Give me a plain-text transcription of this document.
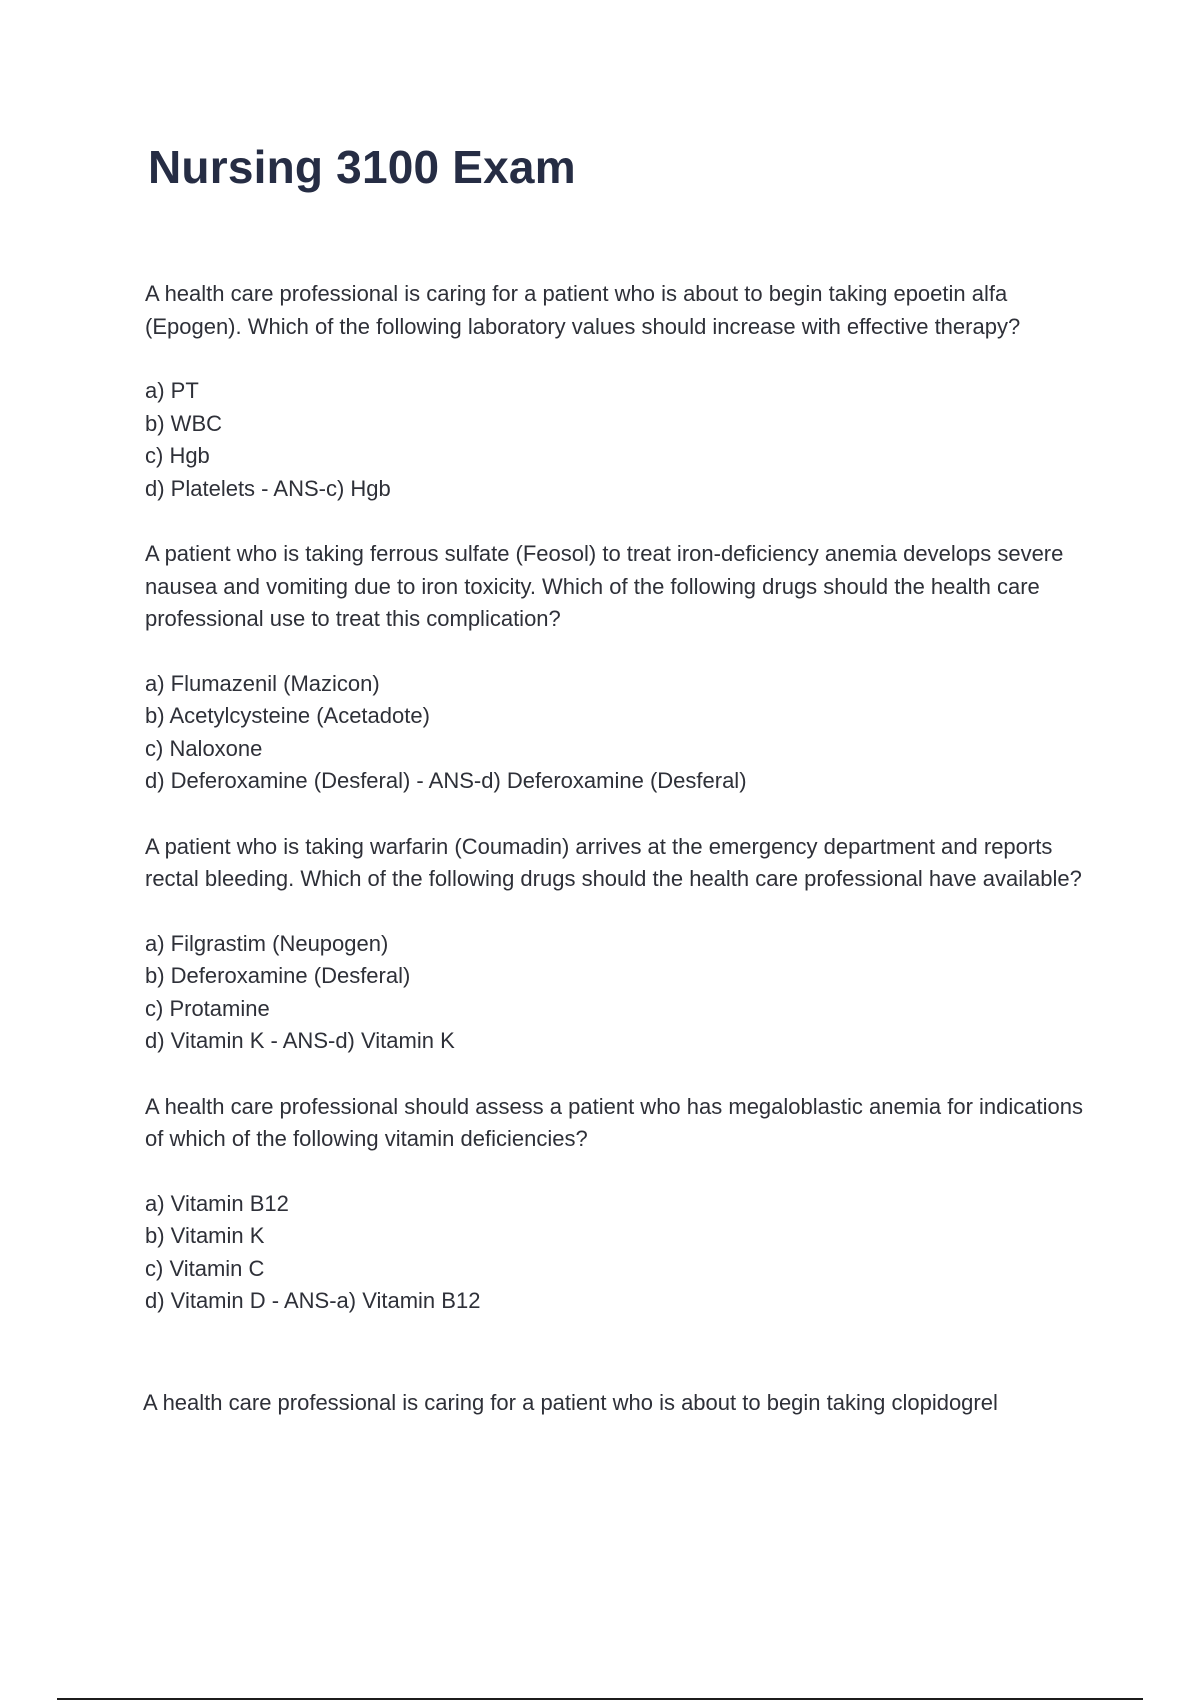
Nursing 3100 Exam

A health care professional is caring for a patient who is about to begin taking epoetin alfa (Epogen). Which of the following laboratory values should increase with effective therapy?

a) PT
b) WBC
c) Hgb
d) Platelets - ANS-c) Hgb

A patient who is taking ferrous sulfate (Feosol) to treat iron-deficiency anemia develops severe nausea and vomiting due to iron toxicity. Which of the following drugs should the health care professional use to treat this complication?

a) Flumazenil (Mazicon)
b) Acetylcysteine (Acetadote)
c) Naloxone
d) Deferoxamine (Desferal) - ANS-d) Deferoxamine (Desferal)

A patient who is taking warfarin (Coumadin) arrives at the emergency department and reports rectal bleeding. Which of the following drugs should the health care professional have available?

a) Filgrastim (Neupogen)
b) Deferoxamine (Desferal)
c) Protamine
d) Vitamin K - ANS-d) Vitamin K

A health care professional should assess a patient who has megaloblastic anemia for indications of which of the following vitamin deficiencies?

a) Vitamin B12
b) Vitamin K
c) Vitamin C
d) Vitamin D - ANS-a) Vitamin B12

A health care professional is caring for a patient who is about to begin taking clopidogrel
